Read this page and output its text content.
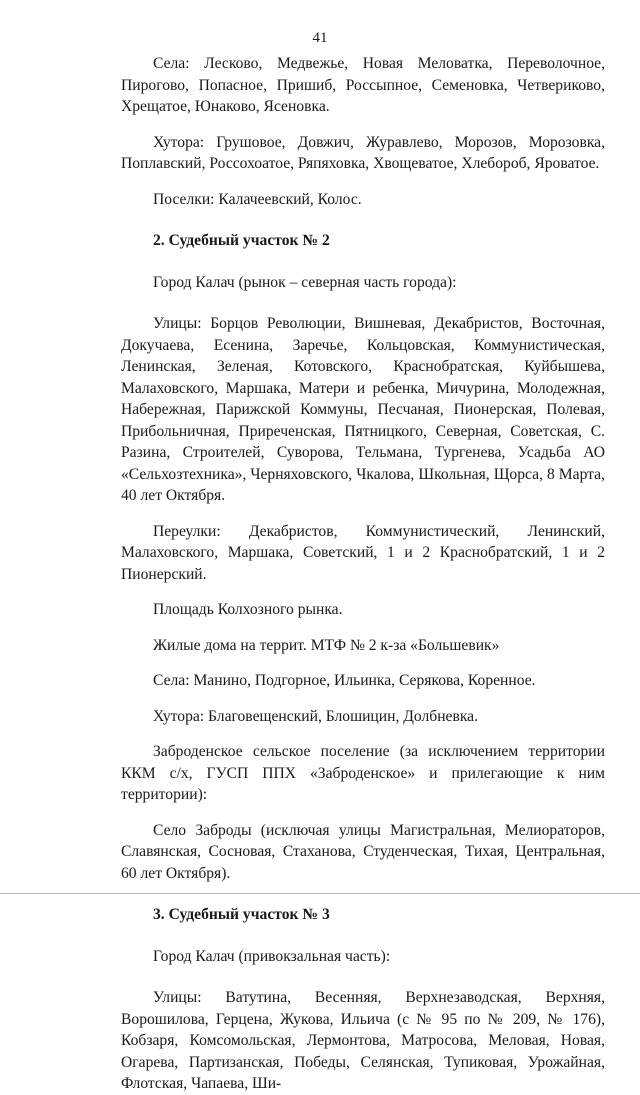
41

Села: Лесково, Медвежье, Новая Меловатка, Переволочное, Пирогово, Попасное, Пришиб, Россыпное, Семеновка, Четвериково, Хрещатое, Юнаково, Ясеновка.

Хутора: Грушовое, Довжич, Журавлево, Морозов, Морозовка, Поплавский, Россохоатое, Ряпяховка, Хвощеватое, Хлебороб, Яроватое.

Поселки: Калачеевский, Колос.

2. Судебный участок № 2

Город Калач (рынок – северная часть города):

Улицы: Борцов Революции, Вишневая, Декабристов, Восточная, Докучаева, Есенина, Заречье, Кольцовская, Коммунистическая, Ленинская, Зеленая, Котовского, Краснобратская, Куйбышева, Малаховского, Маршака, Матери и ребенка, Мичурина, Молодежная, Набережная, Парижской Коммуны, Песчаная, Пионерская, Полевая, Прибольничная, Приреченская, Пятницкого, Северная, Советская, С. Разина, Строителей, Суворова, Тельмана, Тургенева, Усадьба АО «Сельхозтехника», Черняховского, Чкалова, Школьная, Щорса, 8 Марта, 40 лет Октября.

Переулки: Декабристов, Коммунистический, Ленинский, Малаховского, Маршака, Советский, 1 и 2 Краснобратский, 1 и 2 Пионерский.

Площадь Колхозного рынка.

Жилые дома на террит. МТФ № 2 к-за «Большевик»

Села: Манино, Подгорное, Ильинка, Серякова, Коренное.

Хутора: Благовещенский, Блошицин, Долбневка.

Заброденское сельское поселение (за исключением территории ККМ с/х, ГУСП ППХ «Заброденское» и прилегающие к ним территории):

Село Заброды (исключая улицы Магистральная, Мелиораторов, Славянская, Сосновая, Стаханова, Студенческая, Тихая, Центральная, 60 лет Октября).

3. Судебный участок № 3

Город Калач (привокзальная часть):

Улицы: Ватутина, Весенняя, Верхнезаводская, Верхняя, Ворошилова, Герцена, Жукова, Ильича (с № 95 по № 209, № 176), Кобзаря, Комсомольская, Лермонтова, Матросова, Меловая, Новая, Огарева, Партизанская, Победы, Селянская, Тупиковая, Урожайная, Флотская, Чапаева, Ши-
